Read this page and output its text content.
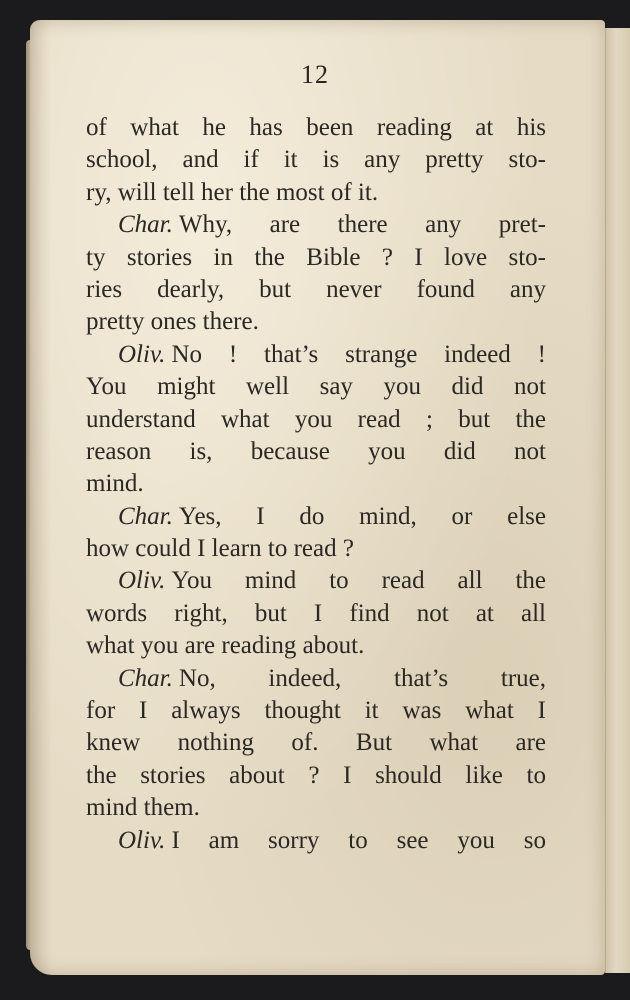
12
of what he has been reading at his
school, and if it is any pretty sto-
ry, will tell her the most of it.
Char. Why, are there any pret-
ty stories in the Bible ? I love sto-
ries dearly, but never found any
pretty ones there.
Oliv. No ! that’s strange indeed !
You might well say you did not
understand what you read ; but the
reason is, because you did not
mind.
Char. Yes, I do mind, or else
how could I learn to read ?
Oliv. You mind to read all the
words right, but I find not at all
what you are reading about.
Char. No, indeed, that’s true,
for I always thought it was what I
knew nothing of. But what are
the stories about ? I should like to
mind them.
Oliv. I am sorry to see you so
